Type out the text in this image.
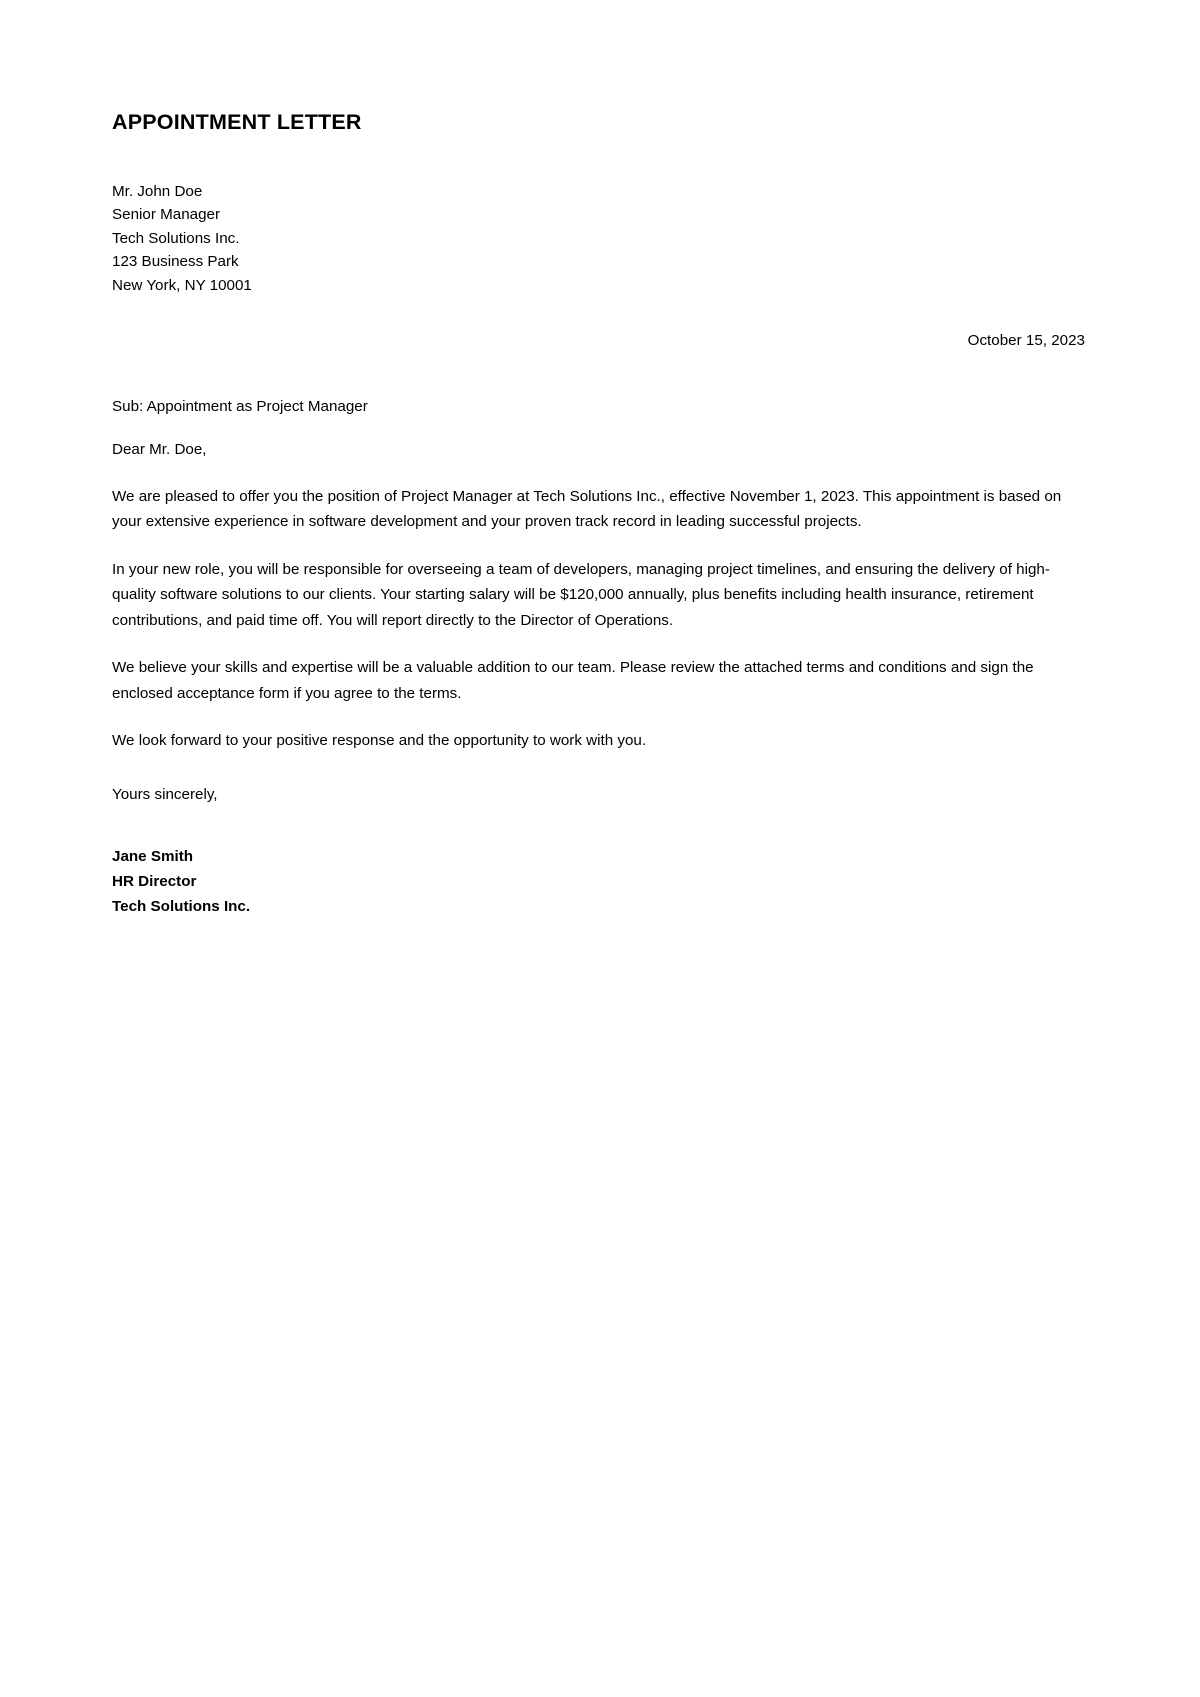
APPOINTMENT LETTER
Mr. John Doe
Senior Manager
Tech Solutions Inc.
123 Business Park
New York, NY 10001
October 15, 2023
Sub: Appointment as Project Manager
Dear Mr. Doe,

We are pleased to offer you the position of Project Manager at Tech Solutions Inc., effective November 1, 2023. This appointment is based on your extensive experience in software development and your proven track record in leading successful projects.

In your new role, you will be responsible for overseeing a team of developers, managing project timelines, and ensuring the delivery of high-quality software solutions to our clients. Your starting salary will be $120,000 annually, plus benefits including health insurance, retirement contributions, and paid time off. You will report directly to the Director of Operations.

We believe your skills and expertise will be a valuable addition to our team. Please review the attached terms and conditions and sign the enclosed acceptance form if you agree to the terms.

We look forward to your positive response and the opportunity to work with you.

Yours sincerely,
Jane Smith
HR Director
Tech Solutions Inc.
